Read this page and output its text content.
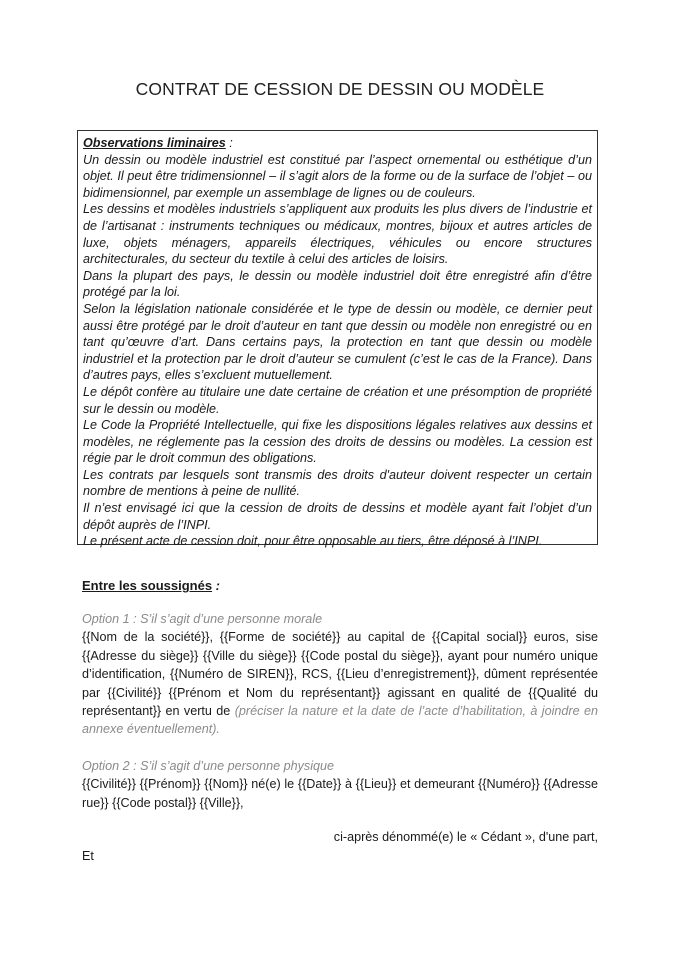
CONTRAT DE CESSION DE DESSIN OU MODÈLE

Observations liminaires :

Un dessin ou modèle industriel est constitué par l’aspect ornemental ou esthétique d’un objet. Il peut être tridimensionnel – il s’agit alors de la forme ou de la surface de l’objet – ou bidimensionnel, par exemple un assemblage de lignes ou de couleurs.

Les dessins et modèles industriels s’appliquent aux produits les plus divers de l’industrie et de l’artisanat : instruments techniques ou médicaux, montres, bijoux et autres articles de luxe, objets ménagers, appareils électriques, véhicules ou encore structures architecturales, du secteur du textile à celui des articles de loisirs.

Dans la plupart des pays, le dessin ou modèle industriel doit être enregistré afin d’être protégé par la loi.

Selon la législation nationale considérée et le type de dessin ou modèle, ce dernier peut aussi être protégé par le droit d’auteur en tant que dessin ou modèle non enregistré ou en tant qu’œuvre d’art. Dans certains pays, la protection en tant que dessin ou modèle industriel et la protection par le droit d’auteur se cumulent (c’est le cas de la France). Dans d’autres pays, elles s’excluent mutuellement.

Le dépôt confère au titulaire une date certaine de création et une présomption de propriété sur le dessin ou modèle.

Le Code la Propriété Intellectuelle, qui fixe les dispositions légales relatives aux dessins et modèles, ne réglemente pas la cession des droits de dessins ou modèles. La cession est régie par le droit commun des obligations.

Les contrats par lesquels sont transmis des droits d'auteur doivent respecter un certain nombre de mentions à peine de nullité.

Il n’est envisagé ici que la cession de droits de dessins et modèle ayant fait l’objet d’un dépôt auprès de l’INPI.

Le présent acte de cession doit, pour être opposable au tiers, être déposé à l’INPI.

Entre les soussignés :
Option 1 : S’il s’agit d’une personne morale
{{Nom de la société}}, {{Forme de société}} au capital de {{Capital social}} euros, sise {{Adresse du siège}} {{Ville du siège}} {{Code postal du siège}}, ayant pour numéro unique d’identification, {{Numéro de SIREN}}, RCS, {{Lieu d’enregistrement}}, dûment représentée par {{Civilité}} {{Prénom et Nom du représentant}} agissant en qualité de {{Qualité du représentant}} en vertu de (préciser la nature et la date de l’acte d’habilitation, à joindre en annexe éventuellement).
Option 2 : S’il s’agit d’une personne physique
{{Civilité}} {{Prénom}} {{Nom}} né(e) le {{Date}} à {{Lieu}} et demeurant {{Numéro}} {{Adresse rue}} {{Code postal}} {{Ville}},
ci-après dénommé(e) le « Cédant », d'une part,
Et
